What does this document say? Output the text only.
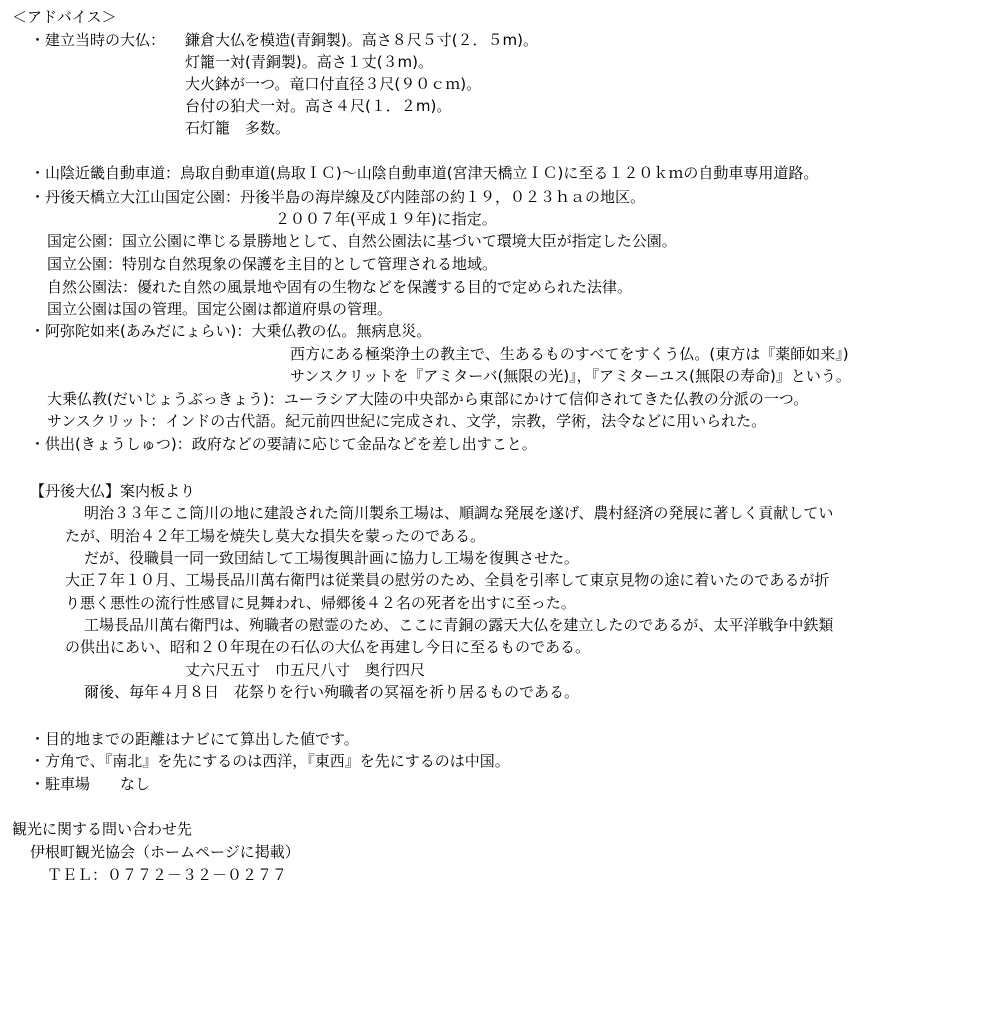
＜アドバイス＞
・建立当時の大仏： 鎌倉大仏を模造(青銅製)。高さ８尺５寸(２．５m)。
灯籠一対(青銅製)。高さ１丈(３m)。
大火鉢が一つ。竜口付直径３尺(９０ｃｍ)。
台付の狛犬一対。高さ４尺(１．２m)。
石灯籠　多数。
・山陰近畿自動車道：鳥取自動車道(鳥取ＩＣ)～山陰自動車道(宮津天橋立ＩＣ)に至る１２０ｋｍの自動車専用道路。
・丹後天橋立大江山国定公園：丹後半島の海岸線及び内陸部の約１９，０２３ｈａの地区。
２００７年(平成１９年)に指定。
国定公園：国立公園に準じる景勝地として、自然公園法に基づいて環境大臣が指定した公園。
国立公園：特別な自然現象の保護を主目的として管理される地域。
自然公園法：優れた自然の風景地や固有の生物などを保護する目的で定められた法律。
国立公園は国の管理。国定公園は都道府県の管理。
・阿弥陀如来(あみだにょらい)：大乗仏教の仏。無病息災。
西方にある極楽浄土の教主で、生あるものすべてをすくう仏。(東方は『薬師如来』)
サンスクリットを『アミターバ(無限の光)』，『アミターユス(無限の寿命)』という。
大乗仏教(だいじょうぶっきょう)：ユーラシア大陸の中央部から東部にかけて信仰されてきた仏教の分派の一つ。
サンスクリット：インドの古代語。紀元前四世紀に完成され、文学，宗教，学術，法令などに用いられた。
・供出(きょうしゅつ)：政府などの要請に応じて金品などを差し出すこと。
【丹後大仏】案内板より
明治３３年ここ筒川の地に建設された筒川製糸工場は、順調な発展を遂げ、農村経済の発展に著しく貢献してい
たが、明治４２年工場を焼失し莫大な損失を蒙ったのである。
だが、役職員一同一致団結して工場復興計画に協力し工場を復興させた。
大正７年１０月、工場長品川萬右衛門は従業員の慰労のため、全員を引率して東京見物の途に着いたのであるが折
り悪く悪性の流行性感冒に見舞われ、帰郷後４２名の死者を出すに至った。
工場長品川萬右衛門は、殉職者の慰霊のため、ここに青銅の露天大仏を建立したのであるが、太平洋戦争中鉄類
の供出にあい、昭和２０年現在の石仏の大仏を再建し今日に至るものである。
丈六尺五寸　巾五尺八寸　奥行四尺
爾後、毎年４月８日　花祭りを行い殉職者の冥福を祈り居るものである。
・目的地までの距離はナビにて算出した値です。
・方角で、『南北』を先にするのは西洋，『東西』を先にするのは中国。
・駐車場　　なし
観光に関する問い合わせ先
伊根町観光協会（ホームページに掲載）
ＴＥＬ：０７７２－３２－０２７７
